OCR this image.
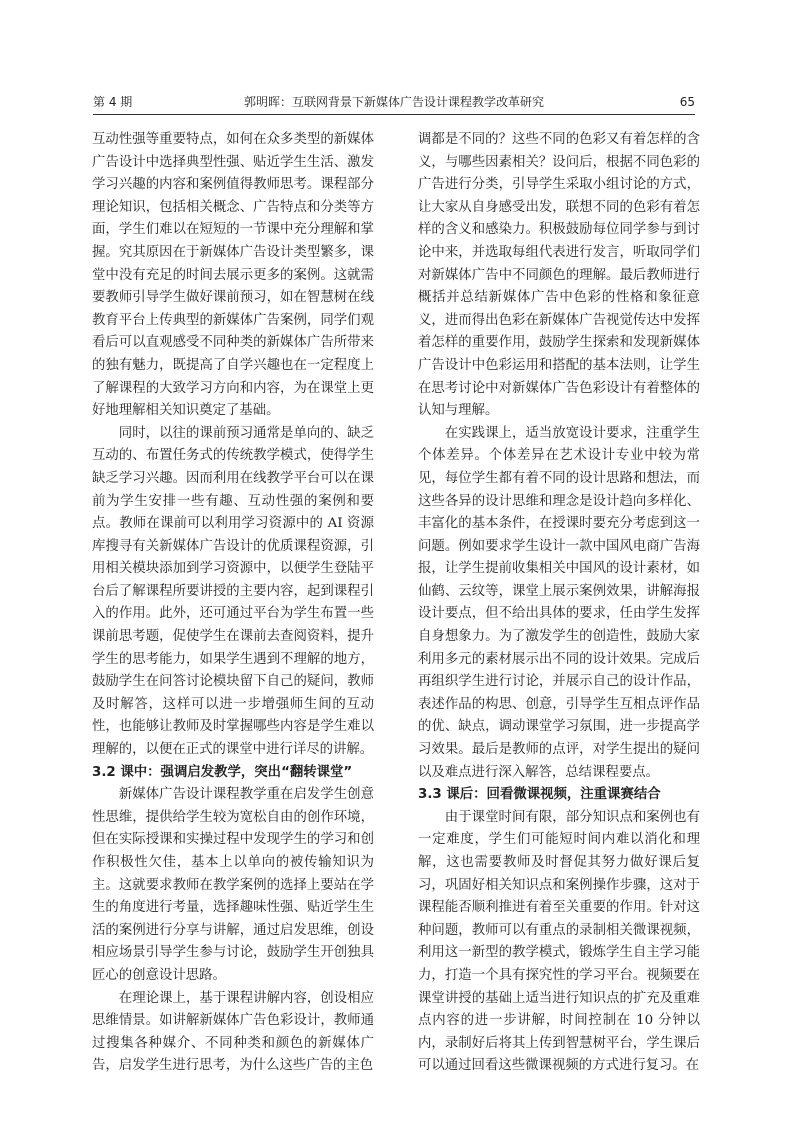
第 4 期	郭明晖：互联网背景下新媒体广告设计课程教学改革研究	65

互动性强等重要特点，如何在众多类型的新媒体广告设计中选择典型性强、贴近学生生活、激发学习兴趣的内容和案例值得教师思考。课程部分理论知识，包括相关概念、广告特点和分类等方面，学生们难以在短短的一节课中充分理解和掌握。究其原因在于新媒体广告设计类型繁多，课堂中没有充足的时间去展示更多的案例。这就需要教师引导学生做好课前预习，如在智慧树在线教育平台上传典型的新媒体广告案例，同学们观看后可以直观感受不同种类的新媒体广告所带来的独有魅力，既提高了自学兴趣也在一定程度上了解课程的大致学习方向和内容，为在课堂上更好地理解相关知识奠定了基础。

同时，以往的课前预习通常是单向的、缺乏互动的、布置任务式的传统教学模式，使得学生缺乏学习兴趣。因而利用在线教学平台可以在课前为学生安排一些有趣、互动性强的案例和要点。教师在课前可以利用学习资源中的 AI 资源库搜寻有关新媒体广告设计的优质课程资源，引用相关模块添加到学习资源中，以便学生登陆平台后了解课程所要讲授的主要内容，起到课程引入的作用。此外，还可通过平台为学生布置一些课前思考题，促使学生在课前去查阅资料，提升学生的思考能力，如果学生遇到不理解的地方，鼓励学生在问答讨论模块留下自己的疑问，教师及时解答，这样可以进一步增强师生间的互动性，也能够让教师及时掌握哪些内容是学生难以理解的，以便在正式的课堂中进行详尽的讲解。

3.2 课中：强调启发教学，突出“翻转课堂”

新媒体广告设计课程教学重在启发学生创意性思维，提供给学生较为宽松自由的创作环境，但在实际授课和实操过程中发现学生的学习和创作积极性欠佳，基本上以单向的被传输知识为主。这就要求教师在教学案例的选择上要站在学生的角度进行考量，选择趣味性强、贴近学生生活的案例进行分享与讲解，通过启发思维，创设相应场景引导学生参与讨论，鼓励学生开创独具匠心的创意设计思路。

在理论课上，基于课程讲解内容，创设相应思维情景。如讲解新媒体广告色彩设计，教师通过搜集各种媒介、不同种类和颜色的新媒体广告，启发学生进行思考，为什么这些广告的主色

调都是不同的？这些不同的色彩又有着怎样的含义，与哪些因素相关？设问后，根据不同色彩的广告进行分类，引导学生采取小组讨论的方式，让大家从自身感受出发，联想不同的色彩有着怎样的含义和感染力。积极鼓励每位同学参与到讨论中来，并选取每组代表进行发言，听取同学们对新媒体广告中不同颜色的理解。最后教师进行概括并总结新媒体广告中色彩的性格和象征意义，进而得出色彩在新媒体广告视觉传达中发挥着怎样的重要作用，鼓励学生探索和发现新媒体广告设计中色彩运用和搭配的基本法则，让学生在思考讨论中对新媒体广告色彩设计有着整体的认知与理解。

在实践课上，适当放宽设计要求，注重学生个体差异。个体差异在艺术设计专业中较为常见，每位学生都有着不同的设计思路和想法，而这些各异的设计思维和理念是设计趋向多样化、丰富化的基本条件，在授课时要充分考虑到这一问题。例如要求学生设计一款中国风电商广告海报，让学生提前收集相关中国风的设计素材，如仙鹤、云纹等，课堂上展示案例效果，讲解海报设计要点，但不给出具体的要求，任由学生发挥自身想象力。为了激发学生的创造性，鼓励大家利用多元的素材展示出不同的设计效果。完成后再组织学生进行讨论，并展示自己的设计作品，表述作品的构思、创意，引导学生互相点评作品的优、缺点，调动课堂学习氛围，进一步提高学习效果。最后是教师的点评，对学生提出的疑问以及难点进行深入解答，总结课程要点。

3.3 课后：回看微课视频，注重课赛结合

由于课堂时间有限，部分知识点和案例也有一定难度，学生们可能短时间内难以消化和理解，这也需要教师及时督促其努力做好课后复习，巩固好相关知识点和案例操作步骤，这对于课程能否顺利推进有着至关重要的作用。针对这种问题，教师可以有重点的录制相关微课视频，利用这一新型的教学模式，锻炼学生自主学习能力，打造一个具有探究性的学习平台。视频要在课堂讲授的基础上适当进行知识点的扩充及重难点内容的进一步讲解，时间控制在 10 分钟以内，录制好后将其上传到智慧树平台，学生课后可以通过回看这些微课视频的方式进行复习。在
